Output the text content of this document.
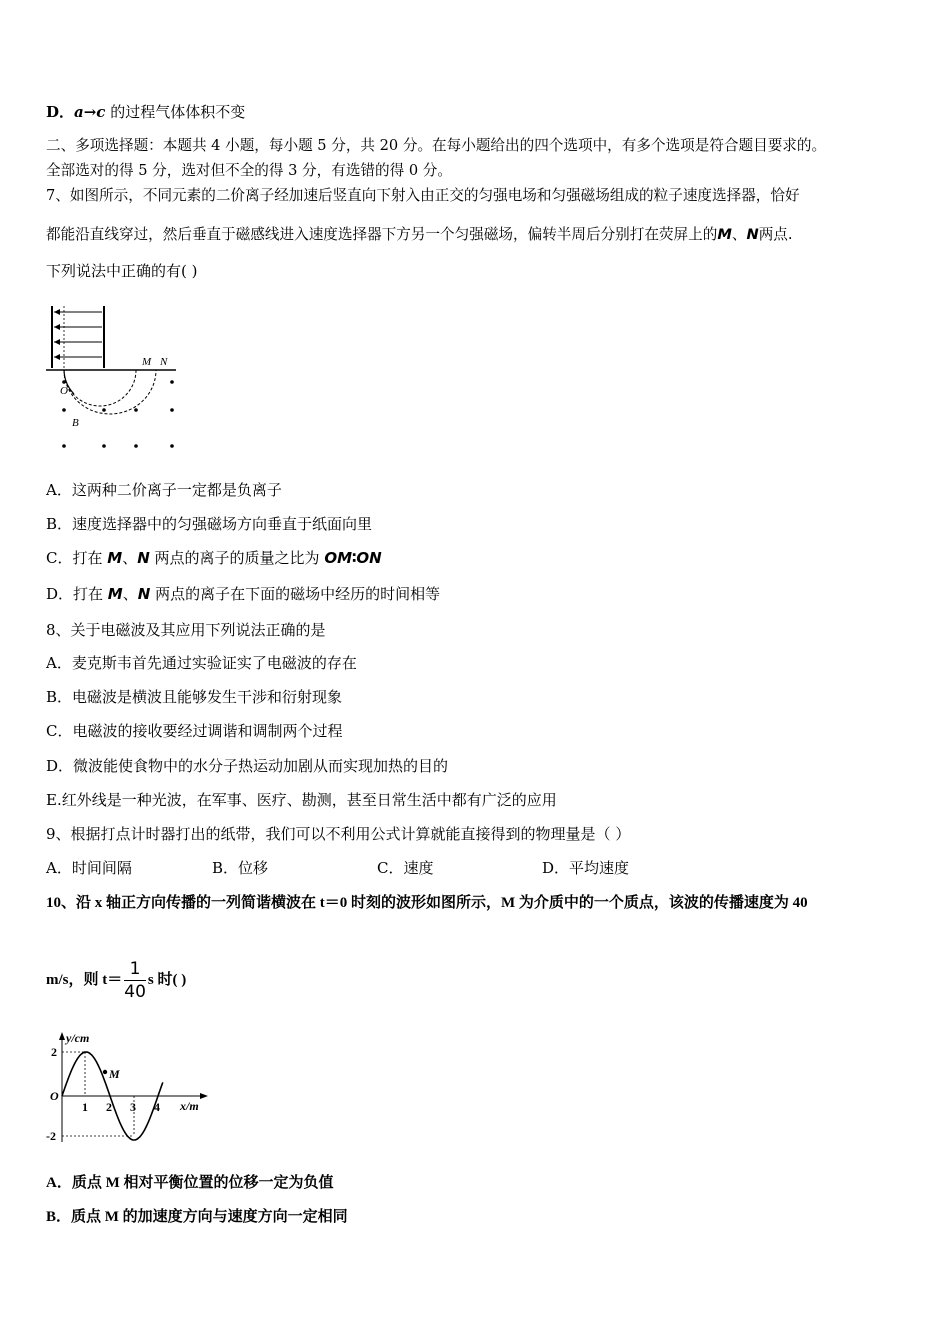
D．a→c 的过程气体体积不变
二、多项选择题：本题共 4 小题，每小题 5 分，共 20 分。在每小题给出的四个选项中，有多个选项是符合题目要求的。
全部选对的得 5 分，选对但不全的得 3 分，有选错的得 0 分。
7、如图所示，不同元素的二价离子经加速后竖直向下射入由正交的匀强电场和匀强磁场组成的粒子速度选择器，恰好
都能沿直线穿过，然后垂直于磁感线进入速度选择器下方另一个匀强磁场，偏转半周后分别打在荧屏上的M、N两点.
下列说法中正确的有( )
M N
O
B
A．这两种二价离子一定都是负离子
B．速度选择器中的匀强磁场方向垂直于纸面向里
C．打在 M、N 两点的离子的质量之比为 OM∶ON
D．打在 M、N 两点的离子在下面的磁场中经历的时间相等
8、关于电磁波及其应用下列说法正确的是
A．麦克斯韦首先通过实验证实了电磁波的存在
B．电磁波是横波且能够发生干涉和衍射现象
C．电磁波的接收要经过调谐和调制两个过程
D．微波能使食物中的水分子热运动加剧从而实现加热的目的
E.红外线是一种光波，在军事、医疗、勘测，甚至日常生活中都有广泛的应用
9、根据打点计时器打出的纸带，我们可以不利用公式计算就能直接得到的物理量是（ ）
A．时间间隔	B．位移	C．速度	D．平均速度
10、沿 x 轴正方向传播的一列简谐横波在 t＝0 时刻的波形如图所示，M 为介质中的一个质点，该波的传播速度为 40
m/s，则 $t= \frac{1}{40}$ s 时( )
y/cm
x/m
2
-2
O
1 2 3 4
M
A．质点 M 相对平衡位置的位移一定为负值
B．质点 M 的加速度方向与速度方向一定相同
